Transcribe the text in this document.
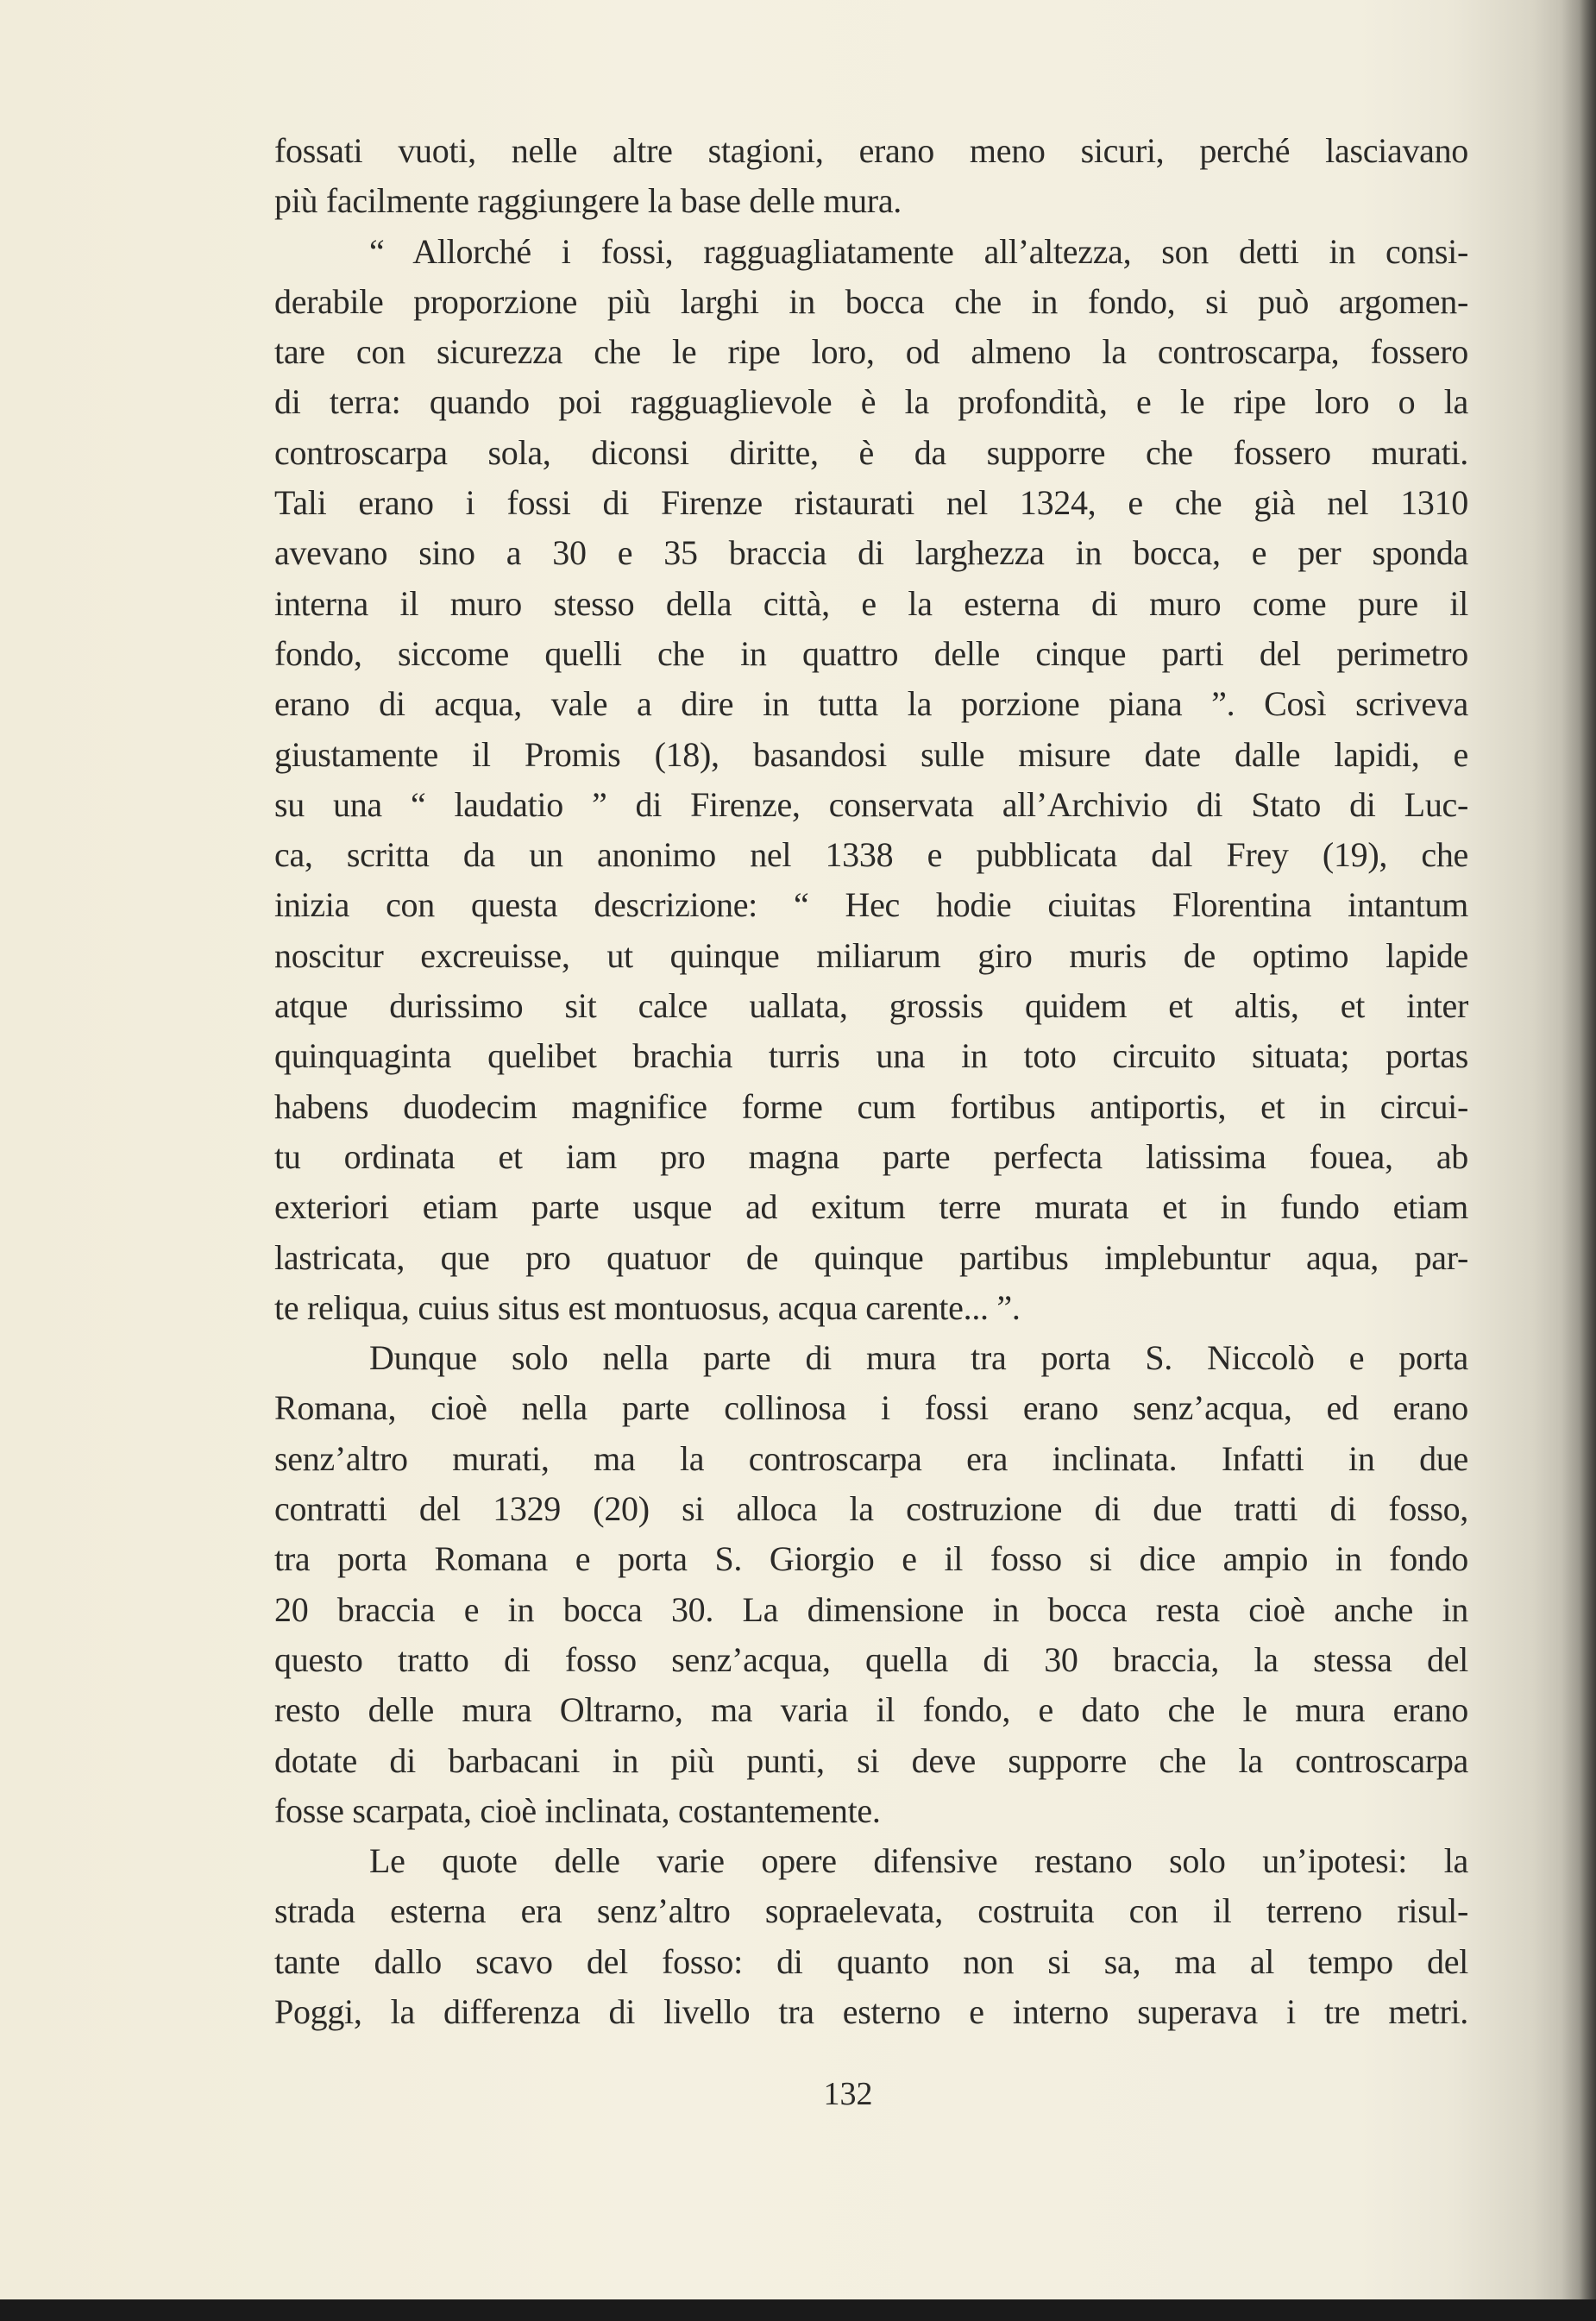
fossati vuoti, nelle altre stagioni, erano meno sicuri, perché lasciavano
più facilmente raggiungere la base delle mura.
“ Allorché i fossi, ragguagliatamente all’altezza, son detti in consi-
derabile proporzione più larghi in bocca che in fondo, si può argomen-
tare con sicurezza che le ripe loro, od almeno la controscarpa, fossero
di terra: quando poi ragguaglievole è la profondità, e le ripe loro o la
controscarpa sola, diconsi diritte, è da supporre che fossero murati.
Tali erano i fossi di Firenze ristaurati nel 1324, e che già nel 1310
avevano sino a 30 e 35 braccia di larghezza in bocca, e per sponda
interna il muro stesso della città, e la esterna di muro come pure il
fondo, siccome quelli che in quattro delle cinque parti del perimetro
erano di acqua, vale a dire in tutta la porzione piana ”. Così scriveva
giustamente il Promis (18), basandosi sulle misure date dalle lapidi, e
su una “ laudatio ” di Firenze, conservata all’Archivio di Stato di Luc-
ca, scritta da un anonimo nel 1338 e pubblicata dal Frey (19), che
inizia con questa descrizione: “ Hec hodie ciuitas Florentina intantum
noscitur excreuisse, ut quinque miliarum giro muris de optimo lapide
atque durissimo sit calce uallata, grossis quidem et altis, et inter
quinquaginta quelibet brachia turris una in toto circuito situata; portas
habens duodecim magnifice forme cum fortibus antiportis, et in circui-
tu ordinata et iam pro magna parte perfecta latissima fouea, ab
exteriori etiam parte usque ad exitum terre murata et in fundo etiam
lastricata, que pro quatuor de quinque partibus implebuntur aqua, par-
te reliqua, cuius situs est montuosus, acqua carente... ”.
Dunque solo nella parte di mura tra porta S. Niccolò e porta
Romana, cioè nella parte collinosa i fossi erano senz’acqua, ed erano
senz’altro murati, ma la controscarpa era inclinata. Infatti in due
contratti del 1329 (20) si alloca la costruzione di due tratti di fosso,
tra porta Romana e porta S. Giorgio e il fosso si dice ampio in fondo
20 braccia e in bocca 30. La dimensione in bocca resta cioè anche in
questo tratto di fosso senz’acqua, quella di 30 braccia, la stessa del
resto delle mura Oltrarno, ma varia il fondo, e dato che le mura erano
dotate di barbacani in più punti, si deve supporre che la controscarpa
fosse scarpata, cioè inclinata, costantemente.
Le quote delle varie opere difensive restano solo un’ipotesi: la
strada esterna era senz’altro sopraelevata, costruita con il terreno risul-
tante dallo scavo del fosso: di quanto non si sa, ma al tempo del
Poggi, la differenza di livello tra esterno e interno superava i tre metri.
132
